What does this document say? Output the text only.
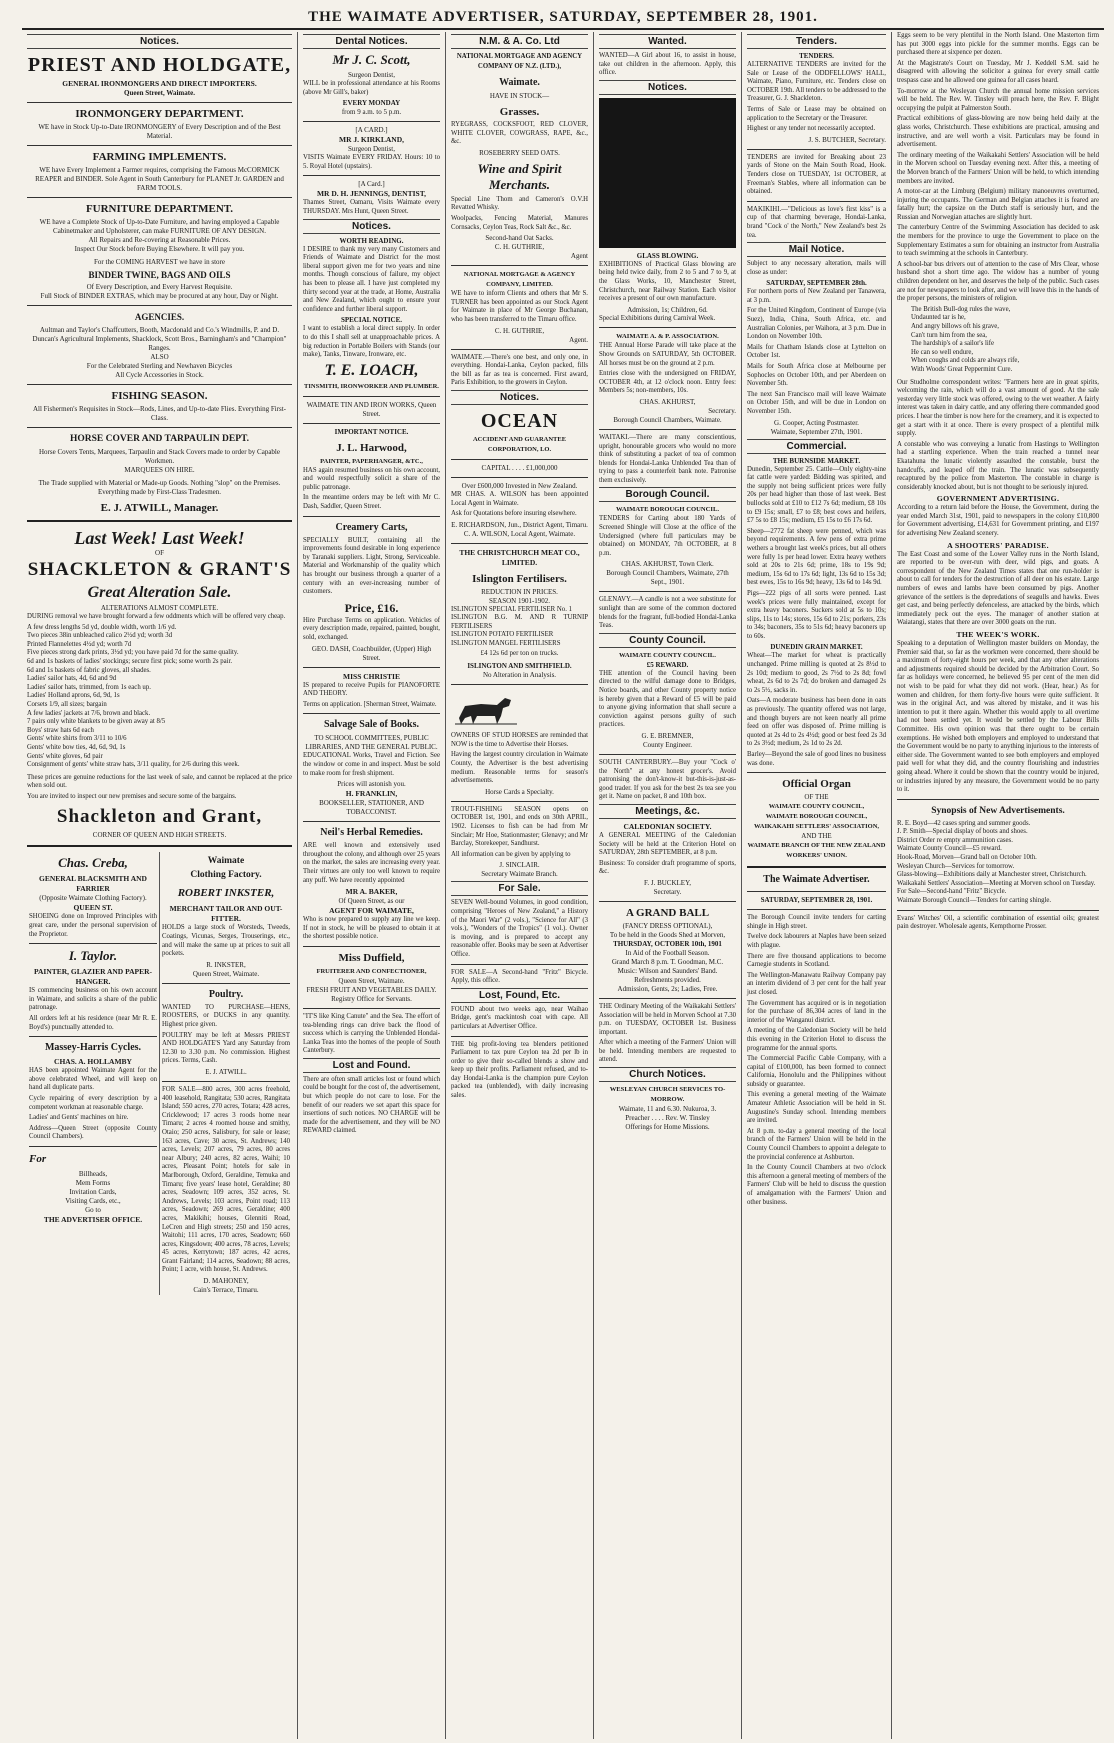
THE WAIMATE ADVERTISER, SATURDAY, SEPTEMBER 28, 1901.
Notices.
PRIEST AND HOLDGATE,
GENERAL IRONMONGERS AND DIRECT IMPORTERS.
Queen Street, Waimate.
IRONMONGERY DEPARTMENT.
WE have in Stock Up-to-Date IRONMONGERY of Every Description and of the Best Material.
FARMING IMPLEMENTS.
WE have Every Implement a Farmer requires, comprising the Famous McCORMICK REAPER and BINDER. Sole Agent in South Canterbury for PLANET Jr. GARDEN and FARM TOOLS.
FURNITURE DEPARTMENT.
WE have a Complete Stock of Up-to-Date Furniture, and having employed a Capable Cabinetmaker and Upholsterer, can make FURNITURE OF ANY DESIGN.
All Repairs and Re-covering at Reasonable Prices.
Inspect Our Stock before Buying Elsewhere. It will pay you.
For the COMING HARVEST we have in store
BINDER TWINE, BAGS AND OILS
Of Every Description, and Every Harvest Requisite.
Full Stock of BINDER EXTRAS, which may be procured at any hour, Day or Night.
AGENCIES.
Aultman and Taylor's Chaffcutters, Booth, Macdonald and Co.'s Windmills, P. and D. Duncan's Agricultural Implements, Shacklock, Scott Bros., Barningham's and "Champion" Ranges.
ALSO
For the Celebrated Sterling and Newhaven Bicycles
All Cycle Accessories in Stock.
FISHING SEASON.
All Fishermen's Requisites in Stock—Rods, Lines, and Up-to-date Flies. Everything First-Class.
HORSE COVER AND TARPAULIN DEPT.
Horse Covers Tents, Marquees, Tarpaulin and Stack Covers made to order by Capable Workmen.
MARQUEES ON HIRE.
The Trade supplied with Material or Made-up Goods. Nothing "slop" on the Premises. Everything made by First-Class Tradesmen.
E. J. ATWILL, Manager.
Last Week! Last Week!
OF
SHACKLETON & GRANT'S
Great Alteration Sale.
ALTERATIONS ALMOST COMPLETE.
DURING removal we have brought forward a few oddments which will be offered very cheap.
A few dress lengths 5d yd, double width, worth 1/6 yd.
Two pieces 38in unbleached calico 2½d yd; worth 3d
Printed Flannelettes 4½d yd; worth 7d
Five pieces strong dark prints, 3½d yd; you have paid 7d for the same quality.
6d and 1s baskets of ladies' stockings; secure first pick; some worth 2s pair.
6d and 1s baskets of fabric gloves, all shades.
Ladies' sailor hats, 4d, 6d and 9d
Ladies' sailor hats, trimmed, from 1s each up.
Ladies' Holland aprons, 6d, 9d, 1s
Corsets 1/9, all sizes; bargain
A few ladies' jackets at 7/6, brown and black.
7 pairs only white blankets to be given away at 8/5
Boys' straw hats 6d each
Gents' white shirts from 3/11 to 10/6
Gents' white bow ties, 4d, 6d, 9d, 1s
Gents' white gloves, 6d pair
Consignment of gents' white straw hats, 3/11 quality, for 2/6 during this week.
These prices are genuine reductions for the last week of sale, and cannot be replaced at the price when sold out.
You are invited to inspect our new premises and secure some of the bargains.
Shackleton and Grant,
CORNER OF QUEEN AND HIGH STREETS.
Chas. Creba,
GENERAL BLACKSMITH AND
FARRIER
(Opposite Waimate Clothing Factory).
QUEEN ST.
SHOEING done on Improved Principles with great care, under the personal supervision of the Proprietor.
I. Taylor.
PAINTER, GLAZIER AND PAPER-HANGER.
IS commencing business on his own account in Waimate, and solicits a share of the public patronage.
All orders left at his residence (near Mr R. E. Boyd's) punctually attended to.
Massey-Harris Cycles.
CHAS. A. HOLLAMBY
HAS been appointed Waimate Agent for the above celebrated Wheel, and will keep on hand all duplicate parts.
Cycle repairing of every description by a competent workman at reasonable charge.
Ladies' and Gents' machines on hire.
Address—Queen Street (opposite County Council Chambers).
For
Billheads,
Mem Forms
Invitation Cards,
Visiting Cards, etc.,
Go to
THE ADVERTISER OFFICE.
Waimate
Clothing Factory.
ROBERT INKSTER,
MERCHANT TAILOR AND OUT-FITTER.
HOLDS a large stock of Worsteds, Tweeds, Coatings, Vicunas, Serges, Trouserings, etc., and will make the same up at prices to suit all pockets.
R. INKSTER,
Queen Street, Waimate.
Poultry.
WANTED TO PURCHASE—HENS, ROOSTERS, or DUCKS in any quantity. Highest price given.
POULTRY may be left at Messrs PRIEST AND HOLDGATE'S Yard any Saturday from 12.30 to 3.30 p.m. No commission. Highest prices. Terms, Cash.
E. J. ATWILL.
FOR SALE—800 acres, 300 acres freehold, 400 leasehold, Rangitata; 530 acres, Rangitata Island; 550 acres, 270 acres, Totara; 428 acres, Cricklewood; 17 acres 3 roods home near Timaru; 2 acres 4 roomed house and smithy, Otaio; 250 acres, Salisbury, for sale or lease; 163 acres, Cave; 30 acres, St. Andrews; 140 acres, Levels; 207 acres, 79 acres, 80 acres near Albury; 240 acres, 82 acres, Waihi; 10 acres, Pleasant Point; hotels for sale in Marlborough, Oxford, Geraldine, Temuka and Timaru; five years' lease hotel, Geraldine; 80 acres, Seadown; 109 acres, 352 acres, St. Andrews, Levels; 103 acres, Point road; 113 acres, Seadown; 269 acres, Geraldine; 400 acres, Makikihi; houses, Glenniti Road, LeCren and High streets; 250 and 150 acres, Waitohi; 111 acres, 170 acres, Seadown; 660 acres, Kingsdown; 400 acres, 78 acres, Levels; 45 acres, Kerrytown; 187 acres, 42 acres, Grant Fairland; 114 acres, Seadown; 88 acres, Point; 1 acre, with house, St. Andrews.
D. MAHONEY,
Cain's Terrace, Timaru.
Dental Notices.
Mr J. C. Scott,
Surgeon Dentist,
WILL be in professional attendance at his Rooms (above Mr Gill's, baker)
EVERY MONDAY
from 9 a.m. to 5 p.m.
[A CARD.]
MR J. KIRKLAND,
Surgeon Dentist,
VISITS Waimate EVERY FRIDAY. Hours: 10 to 5. Royal Hotel (upstairs).
[A Card.]
MR D. H. JENNINGS, DENTIST,
Thames Street, Oamaru, Visits Waimate every THURSDAY. Mrs Hunt, Queen Street.
Notices.
WORTH READING.
I DESIRE to thank my very many Customers and Friends of Waimate and District for the most liberal support given me for two years and nine months. Though conscious of failure, my object has been to please all. I have just completed my thirty second year at the trade, at Home, Australia and New Zealand, which ought to ensure your confidence and further liberal support.
SPECIAL NOTICE.
I want to establish a local direct supply. In order to do this I shall sell at unapproachable prices. A big reduction in Portable Boilers with Stands (our make), Tanks, Tinware, Ironware, etc.
T. E. LOACH,
TINSMITH, IRONWORKER AND PLUMBER.
WAIMATE TIN AND IRON WORKS, Queen Street.
IMPORTANT NOTICE.
J. L. Harwood,
PAINTER, PAPERHANGER, &TC.,
HAS again resumed business on his own account, and would respectfully solicit a share of the public patronage.
In the meantime orders may be left with Mr C. Dash, Saddler, Queen Street.
Creamery Carts,
SPECIALLY BUILT, containing all the improvements found desirable in long experience by Taranaki suppliers. Light, Strong, Serviceable. Material and Workmanship of the quality which has brought our business through a quarter of a century with an ever-increasing number of customers.
Price, £16.
Hire Purchase Terms on application. Vehicles of every description made, repaired, painted, bought, sold, exchanged.
GEO. DASH, Coachbuilder, (Upper) High Street.
MISS CHRISTIE
IS prepared to receive Pupils for PIANOFORTE AND THEORY.
Terms on application. [Sherman Street, Waimate.
Salvage Sale of Books.
TO SCHOOL COMMITTEES, PUBLIC LIBRARIES, AND THE GENERAL PUBLIC.
EDUCATIONAL Works, Travel and Fiction. See the window or come in and inspect. Must be sold to make room for fresh shipment.
Prices will astonish you.
H. FRANKLIN,
BOOKSELLER, STATIONER, AND TOBACCONIST.
Neil's Herbal Remedies.
ARE well known and extensively used throughout the colony, and although over 25 years on the market, the sales are increasing every year. Their virtues are only too well known to require any puff. We have recently appointed
MR A. BAKER,
Of Queen Street, as our
AGENT FOR WAIMATE,
Who is now prepared to supply any line we keep. If not in stock, he will be pleased to obtain it at the shortest possible notice.
Miss Duffield,
FRUITERER AND CONFECTIONER,
Queen Street, Waimate.
FRESH FRUIT AND VEGETABLES DAILY.
Registry Office for Servants.
"IT'S like King Canute" and the Sea. The effort of tea-blending rings can drive back the flood of success which is carrying the Unblended Hondai-Lanka Teas into the homes of the people of South Canterbury.
Lost and Found.
There are often small articles lost or found which could be bought for the cost of, the advertisement, but which people do not care to lose. For the benefit of our readers we set apart this space for insertions of such notices. NO CHARGE will be made for the advertisement, and they will be NO REWARD claimed.
N.M. & A. Co. Ltd
NATIONAL MORTGAGE AND AGENCY COMPANY OF N.Z. (LTD.),
Waimate.
HAVE IN STOCK—
Grasses.
RYEGRASS, COCKSFOOT, RED CLOVER, WHITE CLOVER, COWGRASS, RAPE, &c., &c.
ROSEBERRY SEED OATS.
Wine and Spirit Merchants.
Special Line Thom and Cameron's O.V.H Revatted Whisky.
Woolpacks, Fencing Material, Manures Cornsacks, Ceylon Teas, Rock Salt &c., &c.
Second-hand Oat Sacks.
C. H. GUTHRIE,
Agent
NATIONAL MORTGAGE & AGENCY COMPANY, LIMITED.
WE have to inform Clients and others that Mr S. TURNER has been appointed as our Stock Agent for Waimate in place of Mr George Buchanan, who has been transferred to the Timaru office.
C. H. GUTHRIE,
Agent.
WAIMATE.—There's one best, and only one, in everything. Hondai-Lanka, Ceylon packed, fills the bill as far as tea is concerned. First award, Paris Exhibition, to the growers in Ceylon.
Notices.
OCEAN
ACCIDENT AND GUARANTEE CORPORATION, LO.
CAPITAL . . . . £1,000,000
Over £600,000 Invested in New Zealand.
MR CHAS. A. WILSON has been appointed Local Agent in Waimate.
Ask for Quotations before insuring elsewhere.
E. RICHARDSON, Jun., District Agent, Timaru.
C. A. WILSON, Local Agent, Waimate.
THE CHRISTCHURCH MEAT CO., LIMITED.
Islington Fertilisers.
REDUCTION IN PRICES.
SEASON 1901-1902.
ISLINGTON SPECIAL FERTILISER No. 1
ISLINGTON B.G. M. AND R TURNIP FERTILISERS
ISLINGTON POTATO FERTILISER
ISLINGTON MANGEL FERTILISERS
£4 12s 6d per ton on trucks.
ISLINGTON AND SMITHFIELD.
No Alteration in Analysis.
OWNERS OF STUD HORSES are reminded that NOW is the time to Advertise their Horses.
Having the largest country circulation in Waimate County, the Advertiser is the best advertising medium. Reasonable terms for season's advertisements.
Horse Cards a Specialty.
TROUT-FISHING SEASON opens on OCTOBER 1st, 1901, and ends on 30th APRIL, 1902. Licenses to fish can be had from Mr Sinclair; Mr Hoe, Stationmaster; Glenavy; and Mr Barclay, Storekeeper, Sandhurst.
All information can be given by applying to
J. SINCLAIR.
Secretary Waimate Branch.
For Sale.
SEVEN Well-bound Volumes, in good condition, comprising "Heroes of New Zealand," a History of the Maori War" (2 vols.), "Science for All" (3 vols.), "Wonders of the Tropics" (1 vol.). Owner is moving, and is prepared to accept any reasonable offer. Books may be seen at Advertiser Office.
FOR SALE—A Second-hand "Fritz" Bicycle. Apply, this office.
Lost, Found, Etc.
FOUND about two weeks ago, near Waihao Bridge, gent's mackintosh coat with cape. All particulars at Advertiser Office.
THE big profit-loving tea blenders petitioned Parliament to tax pure Ceylon tea 2d per lb in order to give their so-called blends a show and keep up their profits. Parliament refused, and to-day Hondai-Lanka is the champion pure Ceylon packed tea (unblended), with daily increasing sales.
Wanted.
WANTED—A Girl about 16, to assist in house, take out children in the afternoon. Apply, this office.
Notices.
GLASS BLOWING.
EXHIBITIONS of Practical Glass blowing are being held twice daily, from 2 to 5 and 7 to 9, at the Glass Works, 10, Manchester Street, Christchurch, near Railway Station. Each visitor receives a present of our own manufacture.
Admission, 1s; Children, 6d.
Special Exhibitions during Carnival Week.
WAIMATE A. & P. ASSOCIATION.
THE Annual Horse Parade will take place at the Show Grounds on SATURDAY, 5th OCTOBER. All horses must be on the ground at 2 p.m.
Entries close with the undersigned on FRIDAY, OCTOBER 4th, at 12 o'clock noon. Entry fees: Members 5s; non-members, 10s.
CHAS. AKHURST,
Secretary.
Borough Council Chambers, Waimate.
WAITAKI.—There are many conscientious, upright, honourable grocers who would no more think of substituting a packet of tea of common blends for Hondai-Lanka Unblended Tea than of trying to pass a counterfeit bank note. Patronise them exclusively.
Borough Council.
WAIMATE BOROUGH COUNCIL.
TENDERS for Carting about 180 Yards of Screened Shingle will Close at the office of the Undersigned (where full particulars may be obtained) on MONDAY, 7th OCTOBER, at 8 p.m.
CHAS. AKHURST, Town Clerk.
Borough Council Chambers, Waimate, 27th Sept., 1901.
GLENAVY.—A candle is not a wee substitute for sunlight than are some of the common doctored blends for the fragrant, full-bodied Hondai-Lanka Teas.
County Council.
WAIMATE COUNTY COUNCIL.
£5 REWARD.
THE attention of the Council having been directed to the wilful damage done to Bridges, Notice boards, and other County property notice is hereby given that a Reward of £5 will be paid to anyone giving information that shall secure a conviction against persons guilty of such practices.
G. E. BREMNER,
County Engineer.
SOUTH CANTERBURY.—Buy your "Cock o' the North" at any honest grocer's. Avoid patronising the don't-know-it but-this-is-just-as-good trader. If you ask for the best 2s tea see you get it. Name on packet, 8 and 10th box.
Meetings, &c.
CALEDONIAN SOCIETY.
A GENERAL MEETING of the Caledonian Society will be held at the Criterion Hotel on SATURDAY, 28th SEPTEMBER, at 8 p.m.
Business: To consider draft programme of sports, &c.
F. J. BUCKLEY,
Secretary.
A GRAND BALL
(FANCY DRESS OPTIONAL),
To be held in the Goods Shed at Morven,
THURSDAY, OCTOBER 10th, 1901
In Aid of the Football Season.
Grand March 8 p.m. T. Goodman, M.C.
Music: Wilson and Saunders' Band. Refreshments provided.
Admission, Gents, 2s; Ladies, Free.
THE Ordinary Meeting of the Waikakahi Settlers' Association will be held in Morven School at 7.30 p.m. on TUESDAY, OCTOBER 1st. Business important.
After which a meeting of the Farmers' Union will be held. Intending members are requested to attend.
Church Notices.
WESLEYAN CHURCH SERVICES TO-MORROW.
Waimate, 11 and 6.30. Nukuroa, 3.
Preacher . . . . Rev. W. Tinsley
Offerings for Home Missions.
Tenders.
TENDERS.
ALTERNATIVE TENDERS are invited for the Sale or Lease of the ODDFELLOWS' HALL, Waimate, Piano, Furniture, etc. Tenders close on OCTOBER 19th. All tenders to be addressed to the Treasurer, G. J. Shackleton.
Terms of Sale or Lease may be obtained on application to the Secretary or the Treasurer.
Highest or any tender not necessarily accepted.
J. S. BUTCHER, Secretary.
TENDERS are invited for Breaking about 23 yards of Stone on the Main South Road, Hook. Tenders close on TUESDAY, 1st OCTOBER, at Freeman's Stables, where all information can be obtained.
MAKIKIHI.—"Delicious as love's first kiss" is a cup of that charming beverage, Hondai-Lanka, brand "Cock o' the North," New Zealand's best 2s tea.
Mail Notice.
Subject to any necessary alteration, mails will close as under:
SATURDAY, SEPTEMBER 28th.
For northern ports of New Zealand per Tanawera, at 3 p.m.
For the United Kingdom, Continent of Europe (via Suez), India, China, South Africa, etc. and Australian Colonies, per Waihora, at 3 p.m. Due in London on November 10th.
Mails for Chatham Islands close at Lyttelton on October 1st.
Mails for South Africa close at Melbourne per Sophocles on October 10th, and per Aberdeen on November 5th.
The next San Francisco mail will leave Waimate on October 15th, and will be due in London on November 15th.
G. Cooper, Acting Postmaster.
Waimate, September 27th, 1901.
Commercial.
THE BURNSIDE MARKET.
Dunedin, September 25. Cattle—Only eighty-nine fat cattle were yarded: Bidding was spirited, and the supply not being sufficient prices were fully 20s per head higher than those of last week. Best bullocks sold at £10 to £12 7s 6d; medium, £8 10s to £9 15s; small, £7 to £8; best cows and heifers, £7 5s to £8 15s; medium, £5 15s to £6 17s 6d.
Sheep—2772 fat sheep were penned, which was beyond requirements. A few pens of extra prime wethers a brought last week's prices, but all others were fully 1s per head lower. Extra heavy wethers sold at 20s to 21s 6d; prime, 18s to 19s 9d; medium, 15s 6d to 17s 6d; light, 13s 6d to 15s 3d; best ewes, 15s to 16s 9d; heavy, 13s 6d to 14s 9d.
Pigs—222 pigs of all sorts were penned. Last week's prices were fully maintained, except for extra heavy baconers. Suckers sold at 5s to 10s; slips, 11s to 14s; stores, 15s 6d to 21s; porkers, 23s to 34s; baconers, 35s to 51s 6d; heavy baconers up to 60s.
DUNEDIN GRAIN MARKET.
Wheat—The market for wheat is practically unchanged. Prime milling is quoted at 2s 8½d to 2s 10d; medium to good, 2s 7½d to 2s 8d; fowl wheat, 2s 6d to 2s 7d; do broken and damaged 2s to 2s 5½, sacks in.
Oats—A moderate business has been done in oats as previously. The quantity offered was not large, and though buyers are not keen nearly all prime feed on offer was disposed of. Prime milling is quoted at 2s 4d to 2s 4½d; good or best feed 2s 3d to 2s 3½d; medium, 2s 1d to 2s 2d.
Barley—Beyond the sale of good lines no business was done.
Official Organ
OF THE
WAIMATE COUNTY COUNCIL,
WAIMATE BOROUGH COUNCIL,
WAIKAKAHI SETTLERS' ASSOCIATION,
AND THE
WAIMATE BRANCH OF THE NEW ZEALAND WORKERS' UNION.
The Waimate Advertiser.
SATURDAY, SEPTEMBER 28, 1901.
The Borough Council invite tenders for carting shingle in High street.
Twelve dock labourers at Naples have been seized with plague.
There are five thousand applications to become Carnegie students in Scotland.
The Wellington-Manawatu Railway Company pay an interim dividend of 3 per cent for the half year just closed.
The Government has acquired or is in negotiation for the purchase of 86,304 acres of land in the interior of the Wanganui district.
A meeting of the Caledonian Society will be held this evening in the Criterion Hotel to discuss the programme for the annual sports.
The Commercial Pacific Cable Company, with a capital of £100,000, has been formed to connect California, Honolulu and the Philippines without subsidy or guarantee.
This evening a general meeting of the Waimate Amateur Athletic Association will be held in St. Augustine's Sunday school. Intending members are invited.
At 8 p.m. to-day a general meeting of the local branch of the Farmers' Union will be held in the County Council Chambers to appoint a delegate to the provincial conference at Ashburton.
In the County Council Chambers at two o'clock this afternoon a general meeting of members of the Farmers' Club will be held to discuss the question of amalgamation with the Farmers' Union and other business.
Eggs seem to be very plentiful in the North Island. One Masterton firm has put 3000 eggs into pickle for the summer months. Eggs can be purchased there at sixpence per dozen.
At the Magistrate's Court on Tuesday, Mr J. Keddell S.M. said he disagreed with allowing the solicitor a guinea for every small cattle trespass case and he allowed one guinea for all cases heard.
To-morrow at the Wesleyan Church the annual home mission services will be held. The Rev. W. Tinsley will preach here, the Rev. F. Blight occupying the pulpit at Palmerston South.
Practical exhibitions of glass-blowing are now being held daily at the glass works, Christchurch. These exhibitions are practical, amusing and instructive, and are well worth a visit. Particulars may be found in advertisement.
The ordinary meeting of the Waikakahi Settlers' Association will be held in the Morven school on Tuesday evening next. After this, a meeting of the Morven branch of the Farmers' Union will be held, to which intending members are invited.
A motor-car at the Limburg (Belgium) military manoeuvres overturned, injuring the occupants. The German and Belgian attaches it is feared are fatally hurt; the capsize on the Dutch staff is seriously hurt, and the Russian and Norwegian attaches are slightly hurt.
The canterbury Centre of the Swimming Association has decided to ask the members for the province to urge the Government to place on the Supplementary Estimates a sum for obtaining an instructor from Australia to teach swimming at the schools in Canterbury.
A school-bar bus drivers out of attention to the case of Mrs Clear, whose husband shot a short time ago. The widow has a number of young children dependent on her, and deserves the help of the public. Such cases are not for newspapers to look after, and we will leave this in the hands of the proper persons, the ministers of religion.
The British Bull-dog rules the wave,
Undaunted tar is he,
And angry billows oft his grave,
Can't turn him from the sea,
The hardship's of a sailor's life
He can so well endure,
When coughs and colds are always rife,
With Woods' Great Peppermint Cure.
Our Studholme correspondent writes: "Farmers here are in great spirits, welcoming the rain, which will do a vast amount of good. At the sale yesterday very little stock was offered, owing to the wet weather. A fairly interest was taken in dairy cattle, and any offering there commanded good prices. I hear the timber is now here for the creamery, and it is expected to get a start with it at once. There is every prospect of a plentiful milk supply.
A constable who was conveying a lunatic from Hastings to Wellington had a startling experience. When the train reached a tunnel near Ekatahuna the lunatic violently assaulted the constable, burst the handcuffs, and leaped off the train. The lunatic was subsequently recaptured by the police from Masterton. The constable in charge is considerably knocked about, but is not thought to be seriously injured.
GOVERNMENT ADVERTISING.
According to a return laid before the House, the Government, during the year ended March 31st, 1901, paid to newspapers in the colony £10,800 for Government advertising, £14,631 for Government printing, and £197 for advertising New Zealand scenery.
A SHOOTERS' PARADISE.
The East Coast and some of the Lower Valley runs in the North Island, are reported to be over-run with deer, wild pigs, and goats. A correspondent of the New Zealand Times states that one run-holder is about to call for tenders for the destruction of all deer on his estate. Large numbers of ewes and lambs have been consumed by pigs. Another grievance of the settlers is the depredations of seagulls and hawks. Ewes get cast, and being perfectly defenceless, are attacked by the birds, which immediately peck out the eyes. The manager of another station at Waiatangi, states that there are over 3000 goats on the run.
THE WEEK'S WORK.
Speaking to a deputation of Wellington master builders on Monday, the Premier said that, so far as the workmen were concerned, there should be a maximum of forty-eight hours per week, and that any other alterations and adjustments required should be decided by the Arbitration Court. So far as holidays were concerned, he believed 95 per cent of the men did not wish to be paid for what they did not work. (Hear, hear.) As for women and children, for them forty-five hours were quite sufficient. It was in the original Act, and was altered by mistake, and it was his intention to put it there again. Whether this would apply to all overtime had not been settled yet. It would be settled by the Labour Bills Committee. His own opinion was that there ought to be certain exemptions. He wished both employers and employed to understand that the Government would be no party to anything injurious to the interests of either side. The Government wanted to see both employers and employed paid well for what they did, and the country flourishing and industries going ahead. Where it could be shown that the country would be injured, or industries injured by any measure, the Government would be no party to it.
Synopsis of New Advertisements.
R. E. Boyd—42 cases spring and summer goods.
J. P. Smith—Special display of boots and shoes.
District Order re empty ammunition cases.
Waimate County Council—£5 reward.
Hook-Road, Morven—Grand ball on October 10th.
Wesleyan Church—Services for tomorrow.
Glass-blowing—Exhibitions daily at Manchester street, Christchurch.
Waikakahi Settlers' Association—Meeting at Morven school on Tuesday.
For Sale—Second-hand "Fritz" Bicycle.
Waimate Borough Council—Tenders for carting shingle.
Evans' Witches' Oil, a scientific combination of essential oils; greatest pain destroyer. Wholesale agents, Kempthorne Prosser.
